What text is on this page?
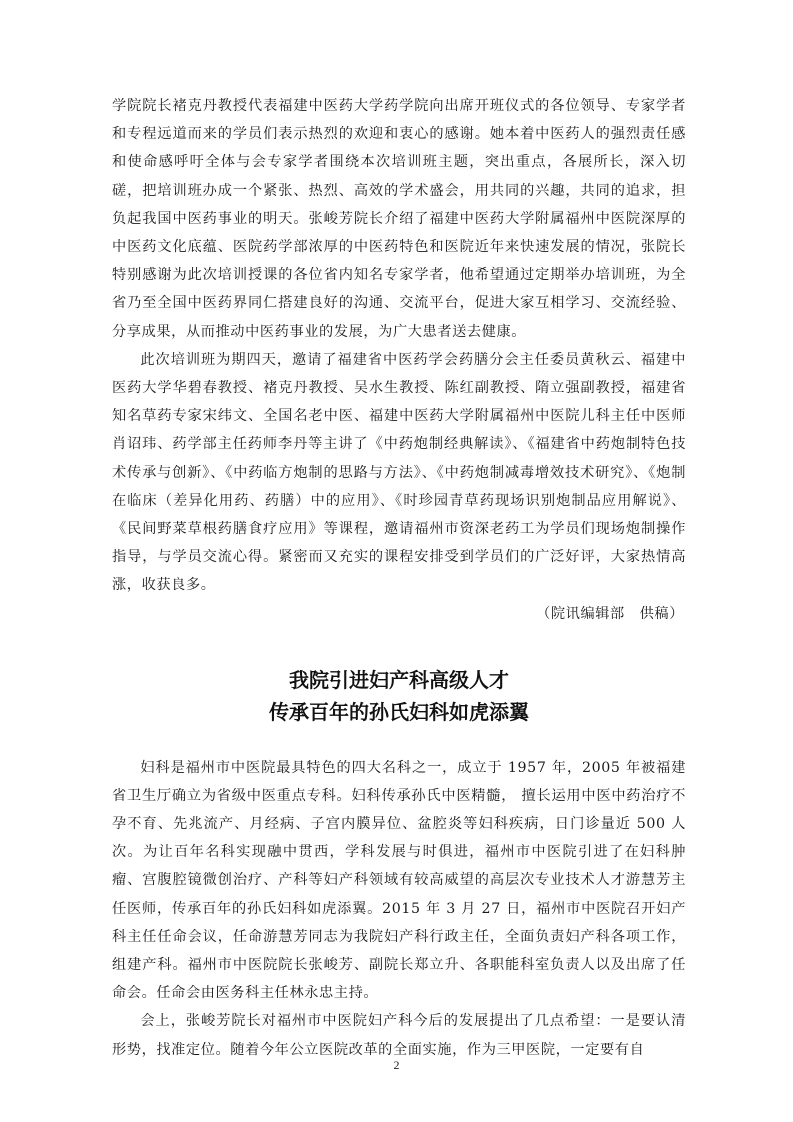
学院院长褚克丹教授代表福建中医药大学药学院向出席开班仪式的各位领导、专家学者和专程远道而来的学员们表示热烈的欢迎和衷心的感谢。她本着中医药人的强烈责任感和使命感呼吁全体与会专家学者围绕本次培训班主题，突出重点，各展所长，深入切磋，把培训班办成一个紧张、热烈、高效的学术盛会，用共同的兴趣，共同的追求，担负起我国中医药事业的明天。张峻芳院长介绍了福建中医药大学附属福州中医院深厚的中医药文化底蕴、医院药学部浓厚的中医药特色和医院近年来快速发展的情况，张院长特别感谢为此次培训授课的各位省内知名专家学者，他希望通过定期举办培训班，为全省乃至全国中医药界同仁搭建良好的沟通、交流平台，促进大家互相学习、交流经验、分享成果，从而推动中医药事业的发展，为广大患者送去健康。

此次培训班为期四天，邀请了福建省中医药学会药膳分会主任委员黄秋云、福建中医药大学华碧春教授、褚克丹教授、吴水生教授、陈红副教授、隋立强副教授，福建省知名草药专家宋纬文、全国名老中医、福建中医药大学附属福州中医院儿科主任中医师肖诏玮、药学部主任药师李丹等主讲了《中药炮制经典解读》、《福建省中药炮制特色技术传承与创新》、《中药临方炮制的思路与方法》、《中药炮制减毒增效技术研究》、《炮制在临床（差异化用药、药膳）中的应用》、《时珍园青草药现场识别炮制品应用解说》、《民间野菜草根药膳食疗应用》等课程，邀请福州市资深老药工为学员们现场炮制操作指导，与学员交流心得。紧密而又充实的课程安排受到学员们的广泛好评，大家热情高涨，收获良多。

（院讯编辑部　供稿）

我院引进妇产科高级人才
传承百年的孙氏妇科如虎添翼

妇科是福州市中医院最具特色的四大名科之一，成立于 1957 年，2005 年被福建省卫生厅确立为省级中医重点专科。妇科传承孙氏中医精髓， 擅长运用中医中药治疗不孕不育、先兆流产、月经病、子宫内膜异位、盆腔炎等妇科疾病，日门诊量近 500 人次。为让百年名科实现融中贯西，学科发展与时俱进，福州市中医院引进了在妇科肿瘤、宫腹腔镜微创治疗、产科等妇产科领域有较高威望的高层次专业技术人才游慧芳主任医师，传承百年的孙氏妇科如虎添翼。2015 年 3 月 27 日，福州市中医院召开妇产科主任任命会议，任命游慧芳同志为我院妇产科行政主任，全面负责妇产科各项工作，组建产科。福州市中医院院长张峻芳、副院长郑立升、各职能科室负责人以及出席了任命会。任命会由医务科主任林永忠主持。

会上，张峻芳院长对福州市中医院妇产科今后的发展提出了几点希望：一是要认清形势，找准定位。随着今年公立医院改革的全面实施，作为三甲医院，一定要有自

2
